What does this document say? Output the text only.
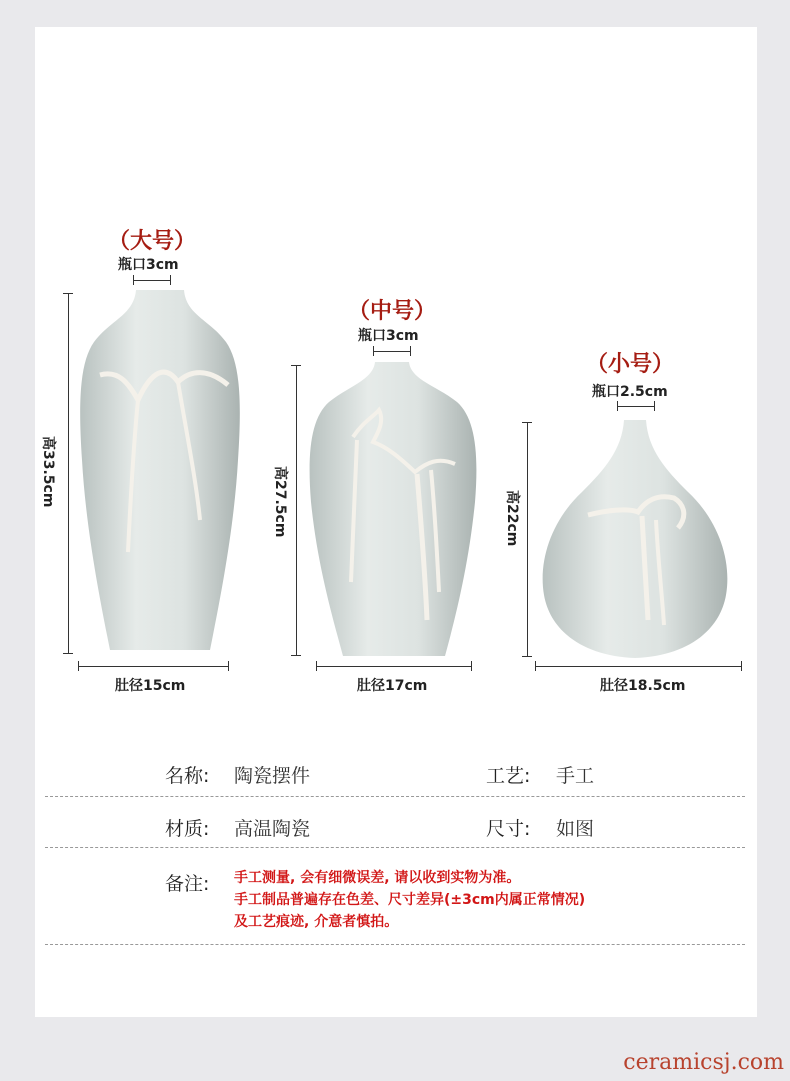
（大号）
瓶口3cm
高33.5cm
肚径15cm
（中号）
瓶口3cm
高27.5cm
肚径17cm
（小号）
瓶口2.5cm
高22cm
肚径18.5cm
名称: 陶瓷摆件	工艺: 手工
材质: 高温陶瓷	尺寸: 如图
备注: 手工测量, 会有细微误差, 请以收到实物为准。
手工制品普遍存在色差、尺寸差异(±3cm内属正常情况)
及工艺痕迹, 介意者慎拍。
ceramicsj.com
